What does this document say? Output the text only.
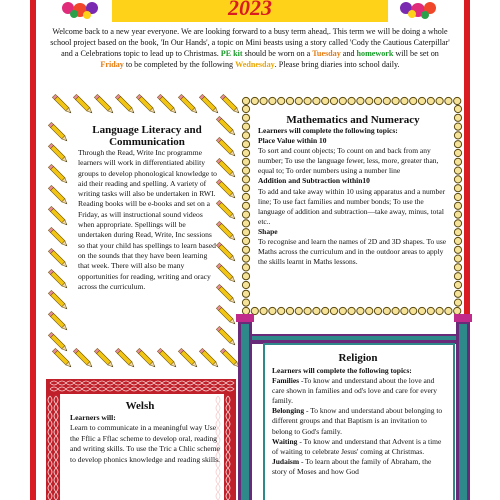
2023
Welcome back to a new year everyone. We are looking forward to a busy term ahead,. This term we will be doing a whole school project based on the book, 'In Our Hands', a topic on Mini beasts using a story called 'Cody the Cautious Caterpillar' and a Celebrations topic to lead up to Christmas. PE kit should be worn on a Tuesday and homework will be set on Friday to be completed by the following Wednesday. Please bring diaries into school daily.
Language Literacy and Communication
Through the Read, Write Inc programme learners will work in differentiated ability groups to develop phonological knowledge to aid their reading and spelling. A variety of writing tasks will also be undertaken in RWI. Reading books will be e-books and set on a Friday, as will instructional sound videos when appropriate. Spellings will be undertaken during Read, Write, Inc sessions so that your child has spellings to learn based on the sounds that they have been learning that week. There will also be many opportunities for reading, writing and oracy across the curriculum.
Mathematics and Numeracy
Learners will complete the following topics:
Place Value within 10
To sort and count objects; To count on and back from any number; To use the language fewer, less, more, greater than, equal to; To order numbers using a number line
Addition and Subtraction within10
To add and take away within 10 using apparatus and a number line; To use fact families and number bonds; To use the language of addition and subtraction—take away, minus, total etc..
Shape
To recognise and learn the names of 2D and 3D shapes. To use Maths across the curriculum and in the outdoor areas to apply the skills learnt in Maths lessons.
Welsh
Learners will:
Learn to communicate in a meaningful way Use the Fflic a Fflac scheme to develop oral, reading and writing skills. To use the Tric a Chlic scheme to develop phonics knowledge and reading skills.
Religion
Learners will complete the following topics:
Families -To know and understand about the love and care shown in families and od's love and care for every family.
Belonging - To know and understand about belonging to different groups and that Baptism is an invitation to belong to God's family.
Waiting - To know and understand that Advent is a time of waiting to celebrate Jesus' coming at Christmas.
Judaism - To learn about the family of Abraham, the story of Moses and how God
